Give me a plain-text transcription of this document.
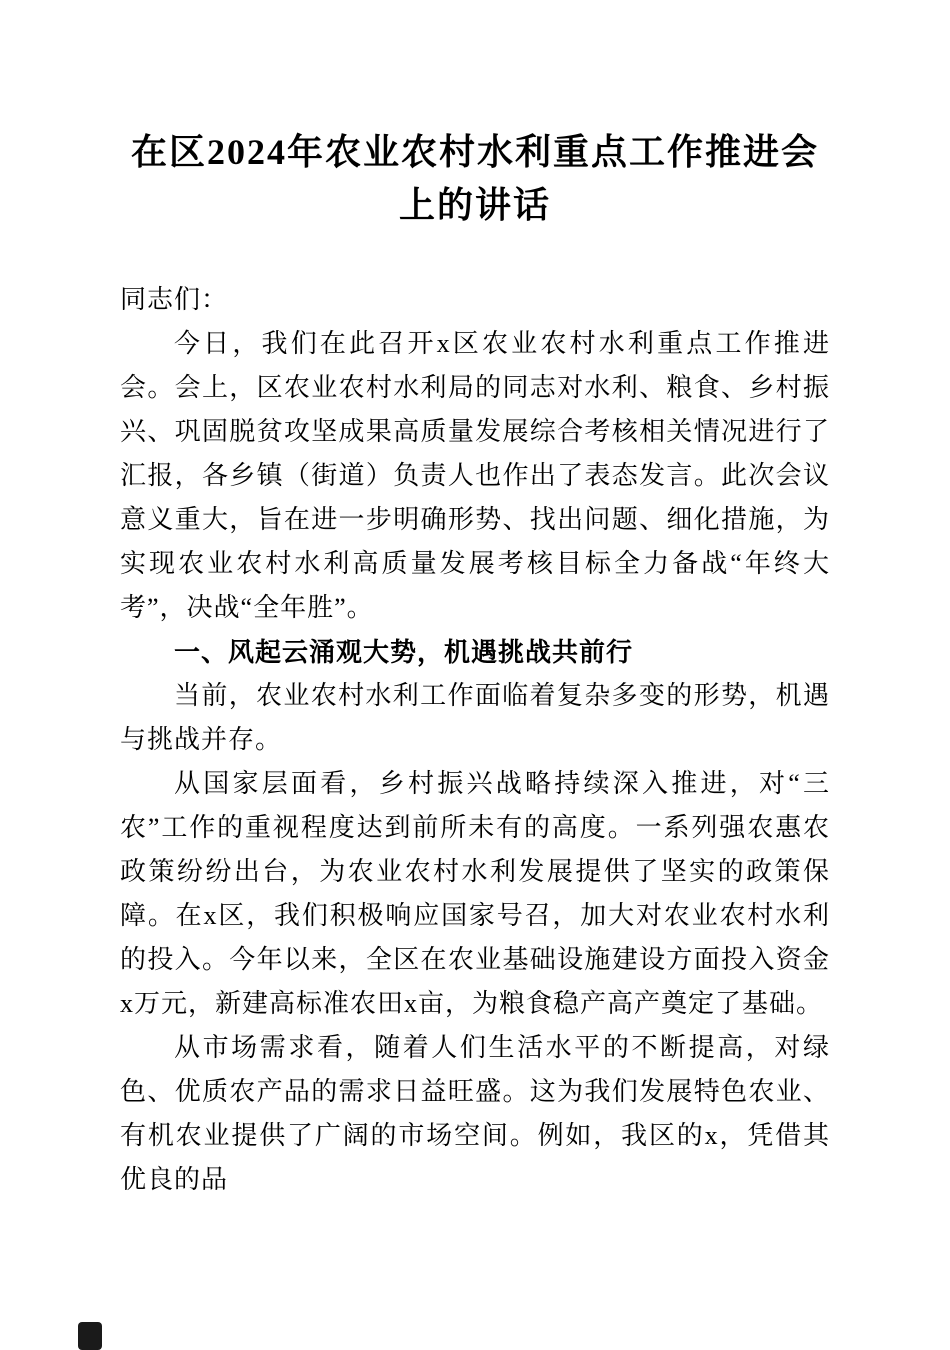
在区2024年农业农村水利重点工作推进会上的讲话

同志们：

今日，我们在此召开x区农业农村水利重点工作推进会。会上，区农业农村水利局的同志对水利、粮食、乡村振兴、巩固脱贫攻坚成果高质量发展综合考核相关情况进行了汇报，各乡镇（街道）负责人也作出了表态发言。此次会议意义重大，旨在进一步明确形势、找出问题、细化措施，为实现农业农村水利高质量发展考核目标全力备战“年终大考”，决战“全年胜”。

一、风起云涌观大势，机遇挑战共前行

当前，农业农村水利工作面临着复杂多变的形势，机遇与挑战并存。

从国家层面看，乡村振兴战略持续深入推进，对“三农”工作的重视程度达到前所未有的高度。一系列强农惠农政策纷纷出台，为农业农村水利发展提供了坚实的政策保障。在x区，我们积极响应国家号召，加大对农业农村水利的投入。今年以来，全区在农业基础设施建设方面投入资金x万元，新建高标准农田x亩，为粮食稳产高产奠定了基础。

从市场需求看，随着人们生活水平的不断提高，对绿色、优质农产品的需求日益旺盛。这为我们发展特色农业、有机农业提供了广阔的市场空间。例如，我区的x，凭借其优良的品
